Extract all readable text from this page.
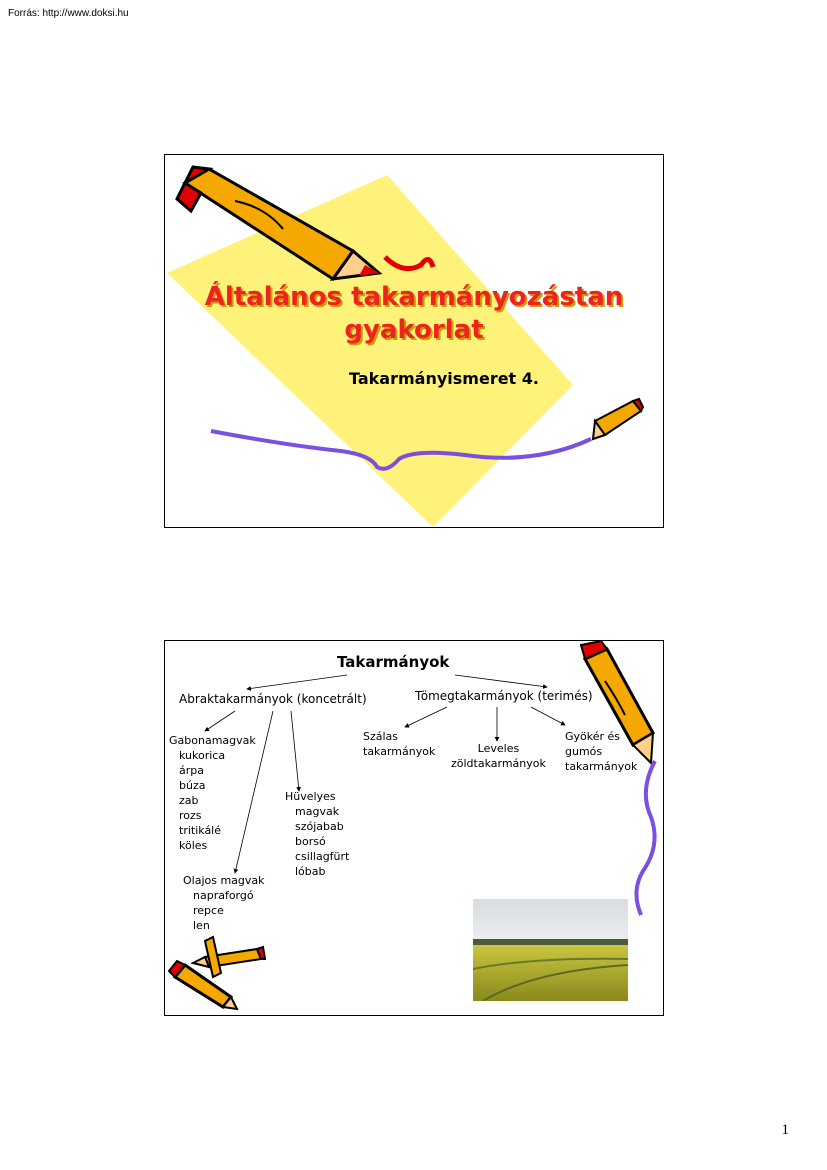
Forrás: http://www.doksi.hu
Általános takarmányozástan
gyakorlat
Takarmányismeret 4.
Takarmányok
Abraktakarmányok (koncetrált)	Tömegtakarmányok (terimés)
Gabonamagvak
kukorica
árpa
búza
zab
rozs
tritikálé
köles
Hüvelyes
magvak
szójabab
borsó
csillagfürt
lóbab
Olajos magvak
napraforgó
repce
len
Szálas
takarmányok	Leveles
zöldtakarmányok
Gyökér és
gumós
takarmányok
1
